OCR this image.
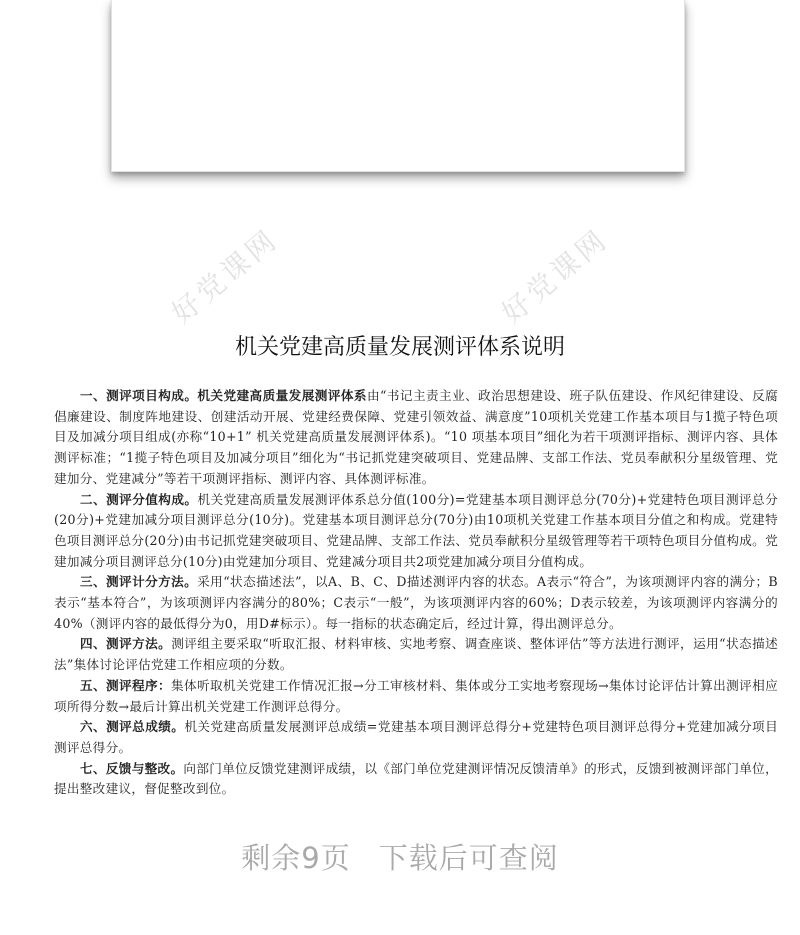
好党课网	好党课网
机关党建高质量发展测评体系说明

一、测评项目构成。机关党建高质量发展测评体系由“书记主责主业、政治思想建设、班子队伍建设、作风纪律建设、反腐倡廉建设、制度阵地建设、创建活动开展、党建经费保障、党建引领效益、满意度”10项机关党建工作基本项目与1揽子特色项目及加减分项目组成(亦称“10+1” 机关党建高质量发展测评体系)。“10 项基本项目”细化为若干项测评指标、测评内容、具体测评标准；“1揽子特色项目及加减分项目”细化为“书记抓党建突破项目、党建品牌、支部工作法、党员奉献积分星级管理、党建加分、党建减分”等若干项测评指标、测评内容、具体测评标准。

二、测评分值构成。机关党建高质量发展测评体系总分值(100分)=党建基本项目测评总分(70分)+党建特色项目测评总分(20分)+党建加减分项目测评总分(10分)。党建基本项目测评总分(70分)由10项机关党建工作基本项目分值之和构成。党建特色项目测评总分(20分)由书记抓党建突破项目、党建品牌、支部工作法、党员奉献积分星级管理等若干项特色项目分值构成。党建加减分项目测评总分(10分)由党建加分项目、党建减分项目共2项党建加减分项目分值构成。

三、测评计分方法。采用“状态描述法”，以A、B、C、D描述测评内容的状态。A表示“符合”，为该项测评内容的满分；B表示“基本符合”，为该项测评内容满分的80%；C表示“一般”，为该项测评内容的60%；D表示较差，为该项测评内容满分的40%（测评内容的最低得分为0，用D#标示）。每一指标的状态确定后，经过计算，得出测评总分。

四、测评方法。测评组主要采取“听取汇报、材料审核、实地考察、调查座谈、整体评估”等方法进行测评，运用“状态描述法”集体讨论评估党建工作相应项的分数。

五、测评程序：集体听取机关党建工作情况汇报→分工审核材料、集体或分工实地考察现场→集体讨论评估计算出测评相应项所得分数→最后计算出机关党建工作测评总得分。

六、测评总成绩。机关党建高质量发展测评总成绩=党建基本项目测评总得分+党建特色项目测评总得分+党建加减分项目测评总得分。

七、反馈与整改。向部门单位反馈党建测评成绩，以《部门单位党建测评情况反馈清单》的形式，反馈到被测评部门单位，提出整改建议，督促整改到位。

剩余9页 下载后可查阅
